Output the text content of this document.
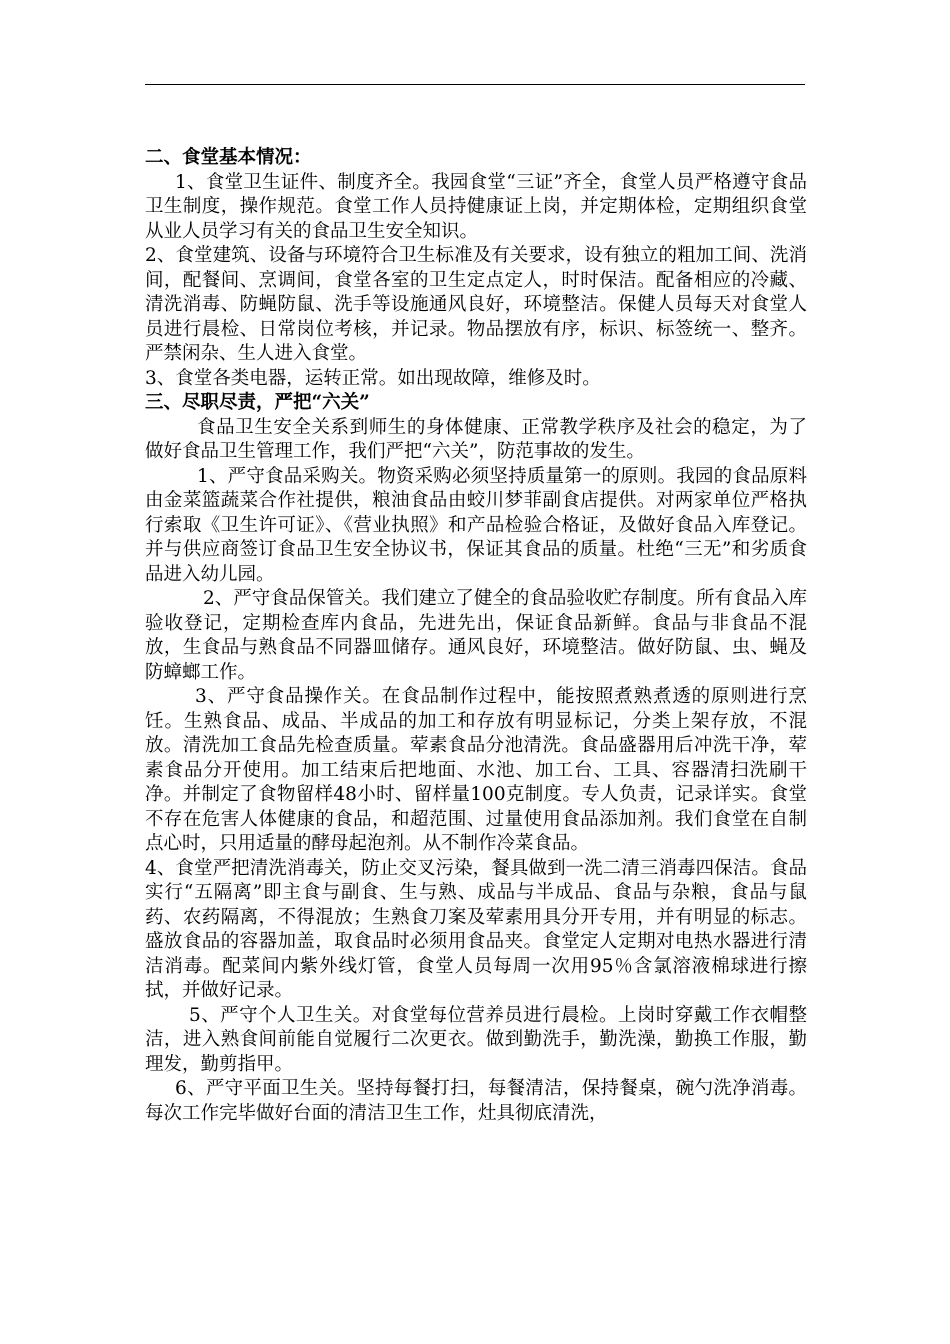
二、食堂基本情况：

1、食堂卫生证件、制度齐全。我园食堂“三证”齐全，食堂人员严格遵守食品卫生制度，操作规范。食堂工作人员持健康证上岗，并定期体检，定期组织食堂从业人员学习有关的食品卫生安全知识。

2、食堂建筑、设备与环境符合卫生标准及有关要求，设有独立的粗加工间、洗消间，配餐间、烹调间，食堂各室的卫生定点定人，时时保洁。配备相应的冷藏、清洗消毒、防蝇防鼠、洗手等设施通风良好，环境整洁。保健人员每天对食堂人员进行晨检、日常岗位考核，并记录。物品摆放有序，标识、标签统一、整齐。严禁闲杂、生人进入食堂。

3、食堂各类电器，运转正常。如出现故障，维修及时。

三、尽职尽责，严把“六关”

食品卫生安全关系到师生的身体健康、正常教学秩序及社会的稳定，为了做好食品卫生管理工作，我们严把“六关”，防范事故的发生。

1、严守食品采购关。物资采购必须坚持质量第一的原则。我园的食品原料由金菜篮蔬菜合作社提供，粮油食品由蛟川梦菲副食店提供。对两家单位严格执行索取《卫生许可证》、《营业执照》和产品检验合格证，及做好食品入库登记。并与供应商签订食品卫生安全协议书，保证其食品的质量。杜绝“三无”和劣质食品进入幼儿园。

2、严守食品保管关。我们建立了健全的食品验收贮存制度。所有食品入库验收登记，定期检查库内食品，先进先出，保证食品新鲜。食品与非食品不混放，生食品与熟食品不同器皿储存。通风良好，环境整洁。做好防鼠、虫、蝇及防蟑螂工作。

3、严守食品操作关。在食品制作过程中，能按照煮熟煮透的原则进行烹饪。生熟食品、成品、半成品的加工和存放有明显标记，分类上架存放，不混放。清洗加工食品先检查质量。荤素食品分池清洗。食品盛器用后冲洗干净，荤素食品分开使用。加工结束后把地面、水池、加工台、工具、容器清扫洗刷干净。并制定了食物留样48小时、留样量100克制度。专人负责，记录详实。食堂不存在危害人体健康的食品，和超范围、过量使用食品添加剂。我们食堂在自制点心时，只用适量的酵母起泡剂。从不制作冷菜食品。

4、食堂严把清洗消毒关，防止交叉污染，餐具做到一洗二清三消毒四保洁。食品实行“五隔离”即主食与副食、生与熟、成品与半成品、食品与杂粮，食品与鼠药、农药隔离，不得混放；生熟食刀案及荤素用具分开专用，并有明显的标志。盛放食品的容器加盖，取食品时必须用食品夹。食堂定人定期对电热水器进行清洁消毒。配菜间内紫外线灯管，食堂人员每周一次用95％含氯溶液棉球进行擦拭，并做好记录。

5、严守个人卫生关。对食堂每位营养员进行晨检。上岗时穿戴工作衣帽整洁，进入熟食间前能自觉履行二次更衣。做到勤洗手，勤洗澡，勤换工作服，勤理发，勤剪指甲。

6、严守平面卫生关。坚持每餐打扫，每餐清洁，保持餐桌，碗勺洗净消毒。每次工作完毕做好台面的清洁卫生工作，灶具彻底清洗，
